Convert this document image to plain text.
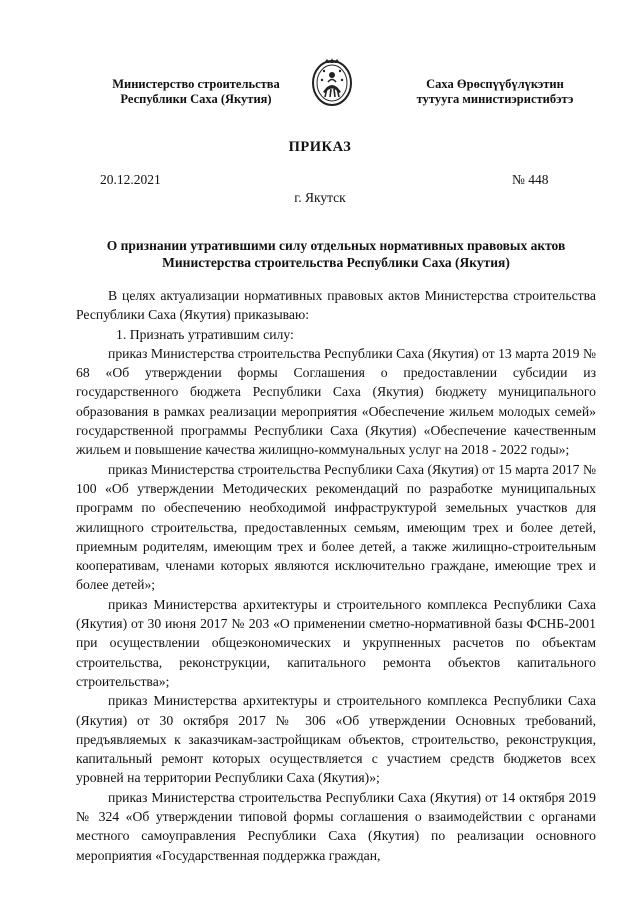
Министерство строительства
Республики Саха (Якутия)
Саха Өрөспүүбүлүкэтин
тутууга министиэристибэтэ
ПРИКАЗ
20.12.2021	№ 448
г. Якутск
О признании утратившими силу отдельных нормативных правовых актов
Министерства строительства Республики Саха (Якутия)

В целях актуализации нормативных правовых актов Министерства строительства Республики Саха (Якутия) приказываю:

1. Признать утратившим силу:

приказ Министерства строительства Республики Саха (Якутия) от 13 марта 2019 № 68 «Об утверждении формы Соглашения о предоставлении субсидии из государственного бюджета Республики Саха (Якутия) бюджету муниципального образования в рамках реализации мероприятия «Обеспечение жильем молодых семей» государственной программы Республики Саха (Якутия) «Обеспечение качественным жильем и повышение качества жилищно-коммунальных услуг на 2018 - 2022 годы»;

приказ Министерства строительства Республики Саха (Якутия) от 15 марта 2017 № 100 «Об утверждении Методических рекомендаций по разработке муниципальных программ по обеспечению необходимой инфраструктурой земельных участков для жилищного строительства, предоставленных семьям, имеющим трех и более детей, приемным родителям, имеющим трех и более детей, а также жилищно-строительным кооперативам, членами которых являются исключительно граждане, имеющие трех и более детей»;

приказ Министерства архитектуры и строительного комплекса Республики Саха (Якутия) от 30 июня 2017 № 203 «О применении сметно-нормативной базы ФСНБ-2001 при осуществлении общеэкономических и укрупненных расчетов по объектам строительства, реконструкции, капитального ремонта объектов капитального строительства»;

приказ Министерства архитектуры и строительного комплекса Республики Саха (Якутия) от 30 октября 2017 № 306 «Об утверждении Основных требований, предъявляемых к заказчикам-застройщикам объектов, строительство, реконструкция, капитальный ремонт которых осуществляется с участием средств бюджетов всех уровней на территории Республики Саха (Якутия)»;

приказ Министерства строительства Республики Саха (Якутия) от 14 октября 2019 № 324 «Об утверждении типовой формы соглашения о взаимодействии с органами местного самоуправления Республики Саха (Якутия) по реализации основного мероприятия «Государственная поддержка граждан,
